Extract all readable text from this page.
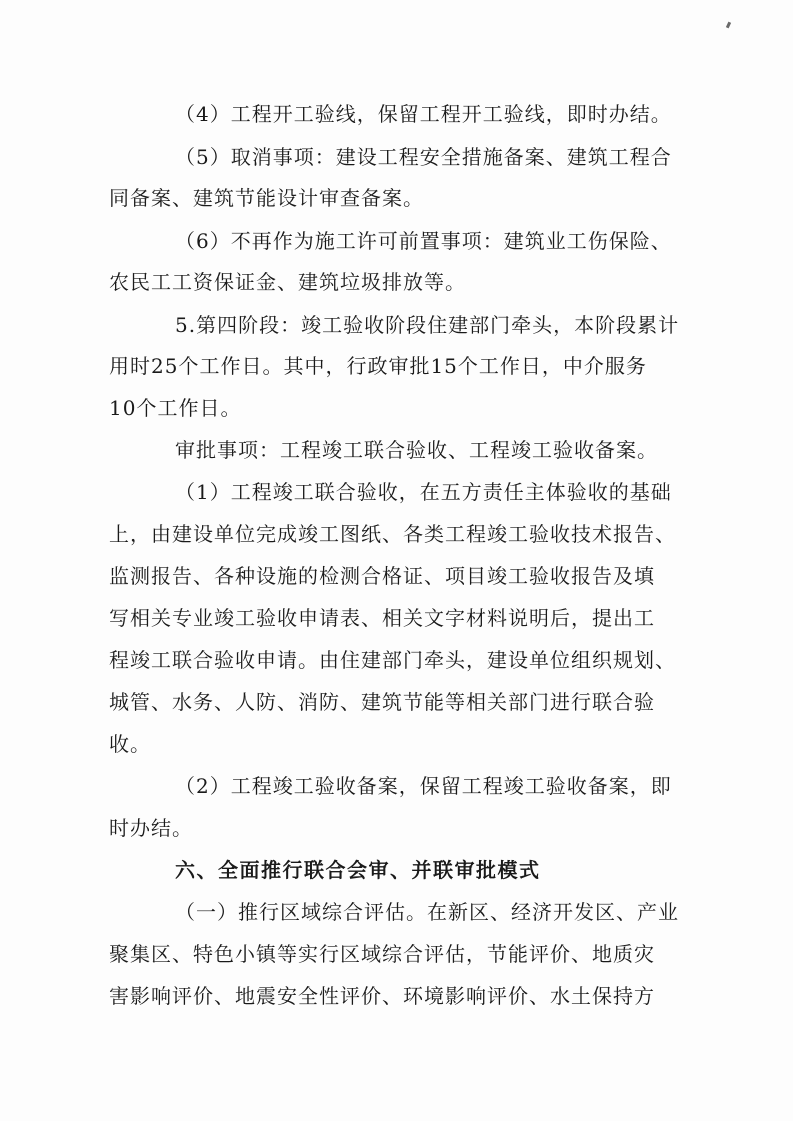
（4）工程开工验线，保留工程开工验线，即时办结。
（5）取消事项：建设工程安全措施备案、建筑工程合
同备案、建筑节能设计审查备案。
（6）不再作为施工许可前置事项：建筑业工伤保险、
农民工工资保证金、建筑垃圾排放等。
5.第四阶段：竣工验收阶段住建部门牵头，本阶段累计
用时25个工作日。其中，行政审批15个工作日，中介服务
10个工作日。
审批事项：工程竣工联合验收、工程竣工验收备案。
（1）工程竣工联合验收，在五方责任主体验收的基础
上，由建设单位完成竣工图纸、各类工程竣工验收技术报告、
监测报告、各种设施的检测合格证、项目竣工验收报告及填
写相关专业竣工验收申请表、相关文字材料说明后，提出工
程竣工联合验收申请。由住建部门牵头，建设单位组织规划、
城管、水务、人防、消防、建筑节能等相关部门进行联合验
收。
（2）工程竣工验收备案，保留工程竣工验收备案，即
时办结。
六、全面推行联合会审、并联审批模式
（一）推行区域综合评估。在新区、经济开发区、产业
聚集区、特色小镇等实行区域综合评估，节能评价、地质灾
害影响评价、地震安全性评价、环境影响评价、水土保持方
